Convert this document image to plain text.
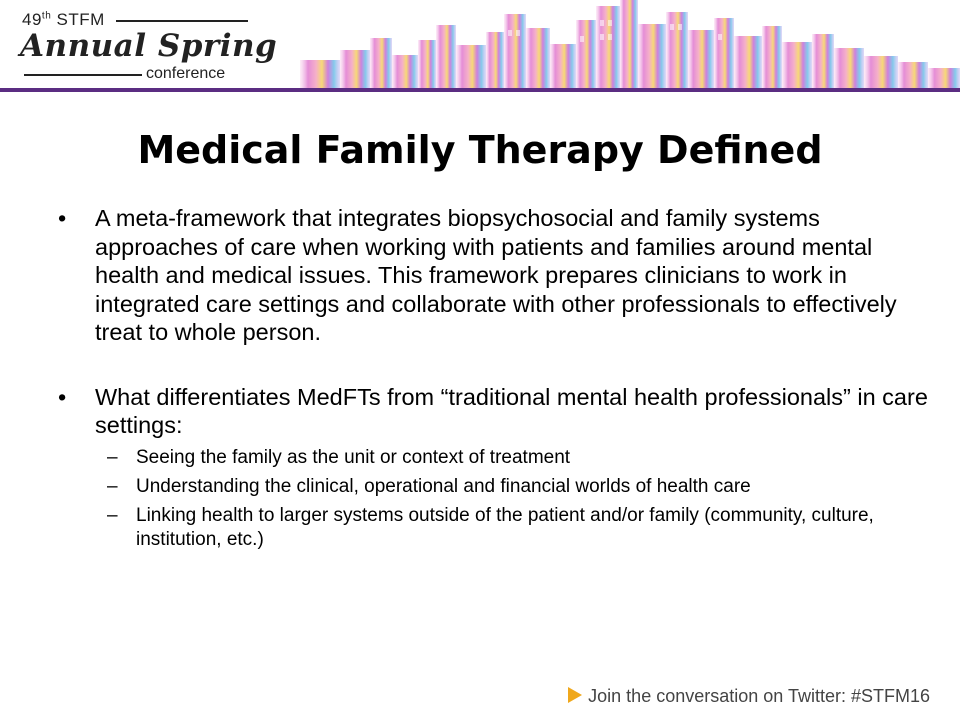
49th STFM
Annual Spring
conference
Medical Family Therapy Defined
• A meta-framework that integrates biopsychosocial and family systems approaches of care when working with patients and families around mental health and medical issues. This framework prepares clinicians to work in integrated care settings and collaborate with other professionals to effectively treat to whole person.
• What differentiates MedFTs from “traditional mental health professionals” in care settings:
– Seeing the family as the unit or context of treatment
– Understanding the clinical, operational and financial worlds of health care
– Linking health to larger systems outside of the patient and/or family (community, culture, institution, etc.)
Join the conversation on Twitter: #STFM16
